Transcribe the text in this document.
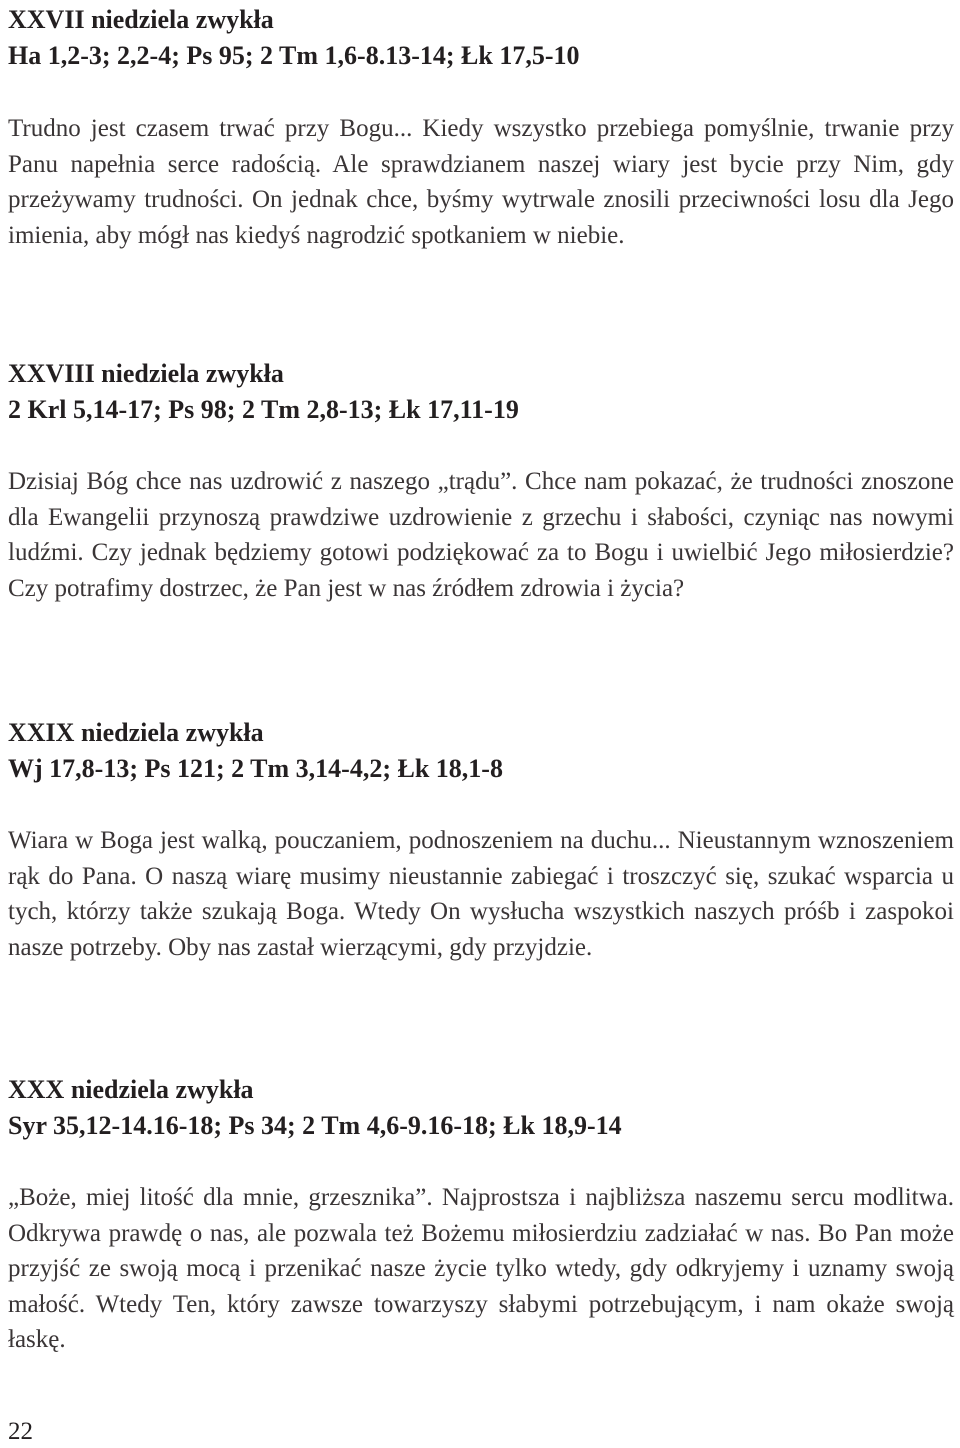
XXVII niedziela zwykła
Ha 1,2-3; 2,2-4; Ps 95; 2 Tm 1,6-8.13-14; Łk 17,5-10

Trudno jest czasem trwać przy Bogu... Kiedy wszystko przebiega pomyślnie, trwanie przy Panu napełnia serce radością. Ale sprawdzianem naszej wiary jest bycie przy Nim, gdy przeżywamy trudności. On jednak chce, byśmy wytrwale znosili przeciwności losu dla Jego imienia, aby mógł nas kiedyś nagrodzić spotkaniem w niebie.

XXVIII niedziela zwykła
2 Krl 5,14-17; Ps 98; 2 Tm 2,8-13; Łk 17,11-19

Dzisiaj Bóg chce nas uzdrowić z naszego „trądu”. Chce nam pokazać, że trudności znoszone dla Ewangelii przynoszą prawdziwe uzdrowienie z grzechu i słabości, czyniąc nas nowymi ludźmi. Czy jednak będziemy gotowi podziękować za to Bogu i uwielbić Jego miłosierdzie? Czy potrafimy dostrzec, że Pan jest w nas źródłem zdrowia i życia?

XXIX niedziela zwykła
Wj 17,8-13; Ps 121; 2 Tm 3,14-4,2; Łk 18,1-8

Wiara w Boga jest walką, pouczaniem, podnoszeniem na duchu... Nieustannym wznoszeniem rąk do Pana. O naszą wiarę musimy nieustannie zabiegać i troszczyć się, szukać wsparcia u tych, którzy także szukają Boga. Wtedy On wysłucha wszystkich naszych próśb i zaspokoi nasze potrzeby. Oby nas zastał wierzącymi, gdy przyjdzie.

XXX niedziela zwykła
Syr 35,12-14.16-18; Ps 34; 2 Tm 4,6-9.16-18; Łk 18,9-14

„Boże, miej litość dla mnie, grzesznika”. Najprostsza i najbliższa naszemu sercu modlitwa. Odkrywa prawdę o nas, ale pozwala też Bożemu miłosierdziu zadziałać w nas. Bo Pan może przyjść ze swoją mocą i przenikać nasze życie tylko wtedy, gdy odkryjemy i uznamy swoją małość. Wtedy Ten, który zawsze towarzyszy słabymi potrzebującym, i nam okaże swoją łaskę.

22
